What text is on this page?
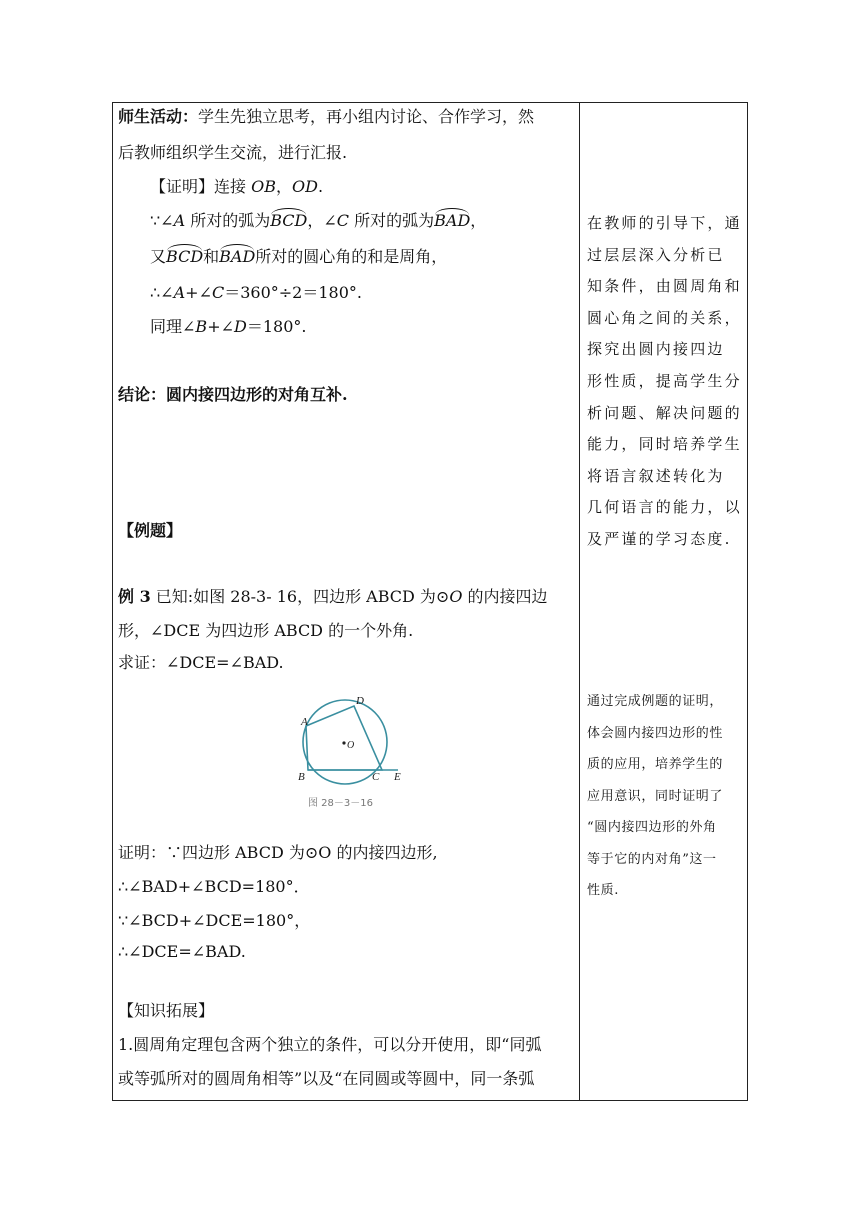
师生活动：学生先独立思考，再小组内讨论、合作学习，然
后教师组织学生交流，进行汇报.
【证明】连接 OB，OD.
∵∠A 所对的弧为BCD，∠C 所对的弧为BAD，
又BCD和BAD所对的圆心角的和是周角，
∴∠A+∠C＝360°÷2＝180°.
同理∠B+∠D＝180°.
结论：圆内接四边形的对角互补.
【例题】
例 3 已知:如图 28-3- 16，四边形 ABCD 为⊙O 的内接四边
形，∠DCE 为四边形 ABCD 的一个外角.
求证：∠DCE=∠BAD.
证明：∵四边形 ABCD 为⊙O 的内接四边形,
∴∠BAD+∠BCD=180°．
∵∠BCD+∠DCE=180°，
∴∠DCE=∠BAD.
【知识拓展】
1.圆周角定理包含两个独立的条件，可以分开使用，即“同弧
或等弧所对的圆周角相等”以及“在同圆或等圆中，同一条弧
A
D
O
B	C E
图 28－3－16
在教师的引导下，通
过层层深入分析已
知条件，由圆周角和
圆心角之间的关系，
探究出圆内接四边
形性质，提高学生分
析问题、解决问题的
能力，同时培养学生
将语言叙述转化为
几何语言的能力，以
及严谨的学习态度.
通过完成例题的证明，
体会圆内接四边形的性
质的应用，培养学生的
应用意识，同时证明了
“圆内接四边形的外角
等于它的内对角”这一
性质.
